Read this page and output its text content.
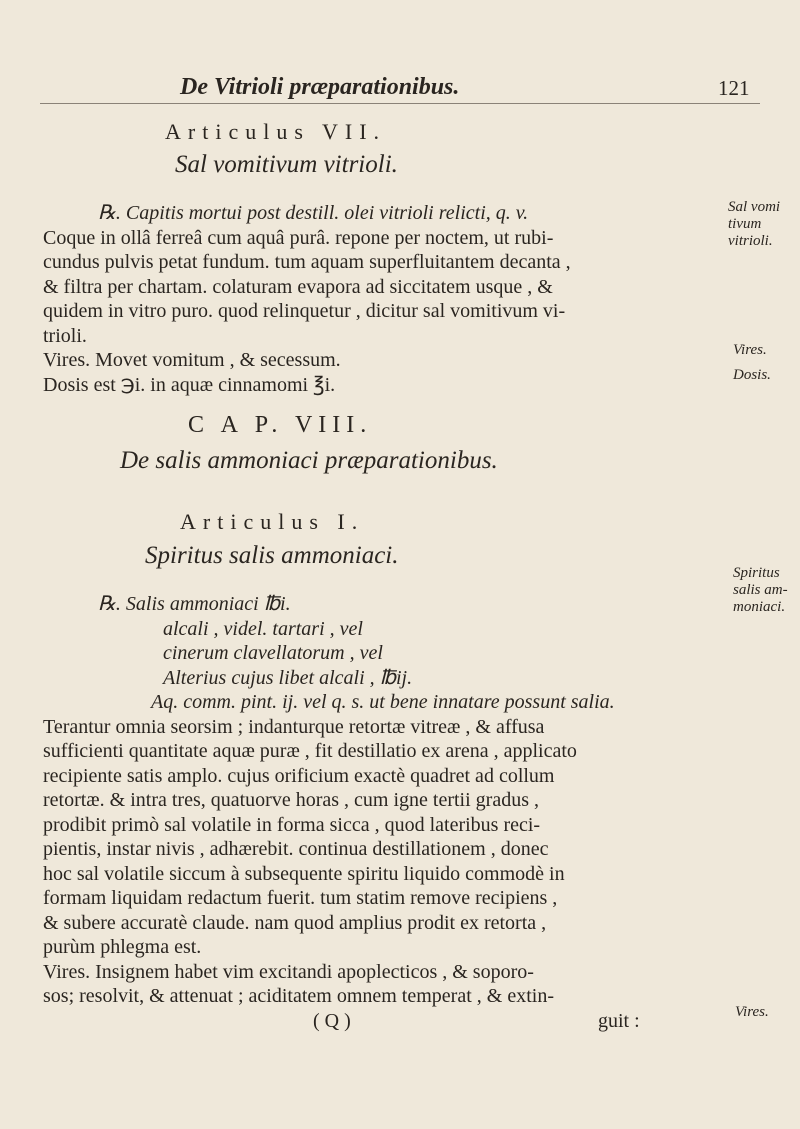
De Vitrioli præparationibus.	121
Articulus VII.
Sal vomitivum vitrioli.
℞. Capitis mortui post destill. olei vitrioli relicti, q. v.
Coque in ollâ ferreâ cum aquâ purâ. repone per noctem, ut rubi-
cundus pulvis petat fundum. tum aquam superfluitantem decanta ,
& filtra per chartam. colaturam evapora ad siccitatem usque , &
quidem in vitro puro. quod relinquetur , dicitur sal vomitivum vi-
trioli.
Vires. Movet vomitum , & secessum.
Dosis est ℈i. in aquæ cinnamomi ℥i.
Sal vomi
tivum
vitrioli.
Vires.
Dosis.
C A P. VIII.
De salis ammoniaci præparationibus.
Articulus I.
Spiritus salis ammoniaci.
℞. Salis ammoniaci ℔i.
alcali , videl. tartari , vel
cinerum clavellatorum , vel
Alterius cujus libet alcali , ℔ij.
Aq. comm. pint. ij. vel q. s. ut bene innatare possunt salia.
Terantur omnia seorsim ; indanturque retortæ vitreæ , & affusa
sufficienti quantitate aquæ puræ , fit destillatio ex arena , applicato
recipiente satis amplo. cujus orificium exactè quadret ad collum
retortæ. & intra tres, quatuorve horas , cum igne tertii gradus ,
prodibit primò sal volatile in forma sicca , quod lateribus reci-
pientis, instar nivis , adhærebit. continua destillationem , donec
hoc sal volatile siccum à subsequente spiritu liquido commodè in
formam liquidam redactum fuerit. tum statim remove recipiens ,
& subere accuratè claude. nam quod amplius prodit ex retorta ,
purùm phlegma est.
Vires. Insignem habet vim excitandi apoplecticos , & soporo-
sos; resolvit, & attenuat ; aciditatem omnem temperat , & extin-
( Q )	guit :
Spiritus
salis am-
moniaci.
Vires.
